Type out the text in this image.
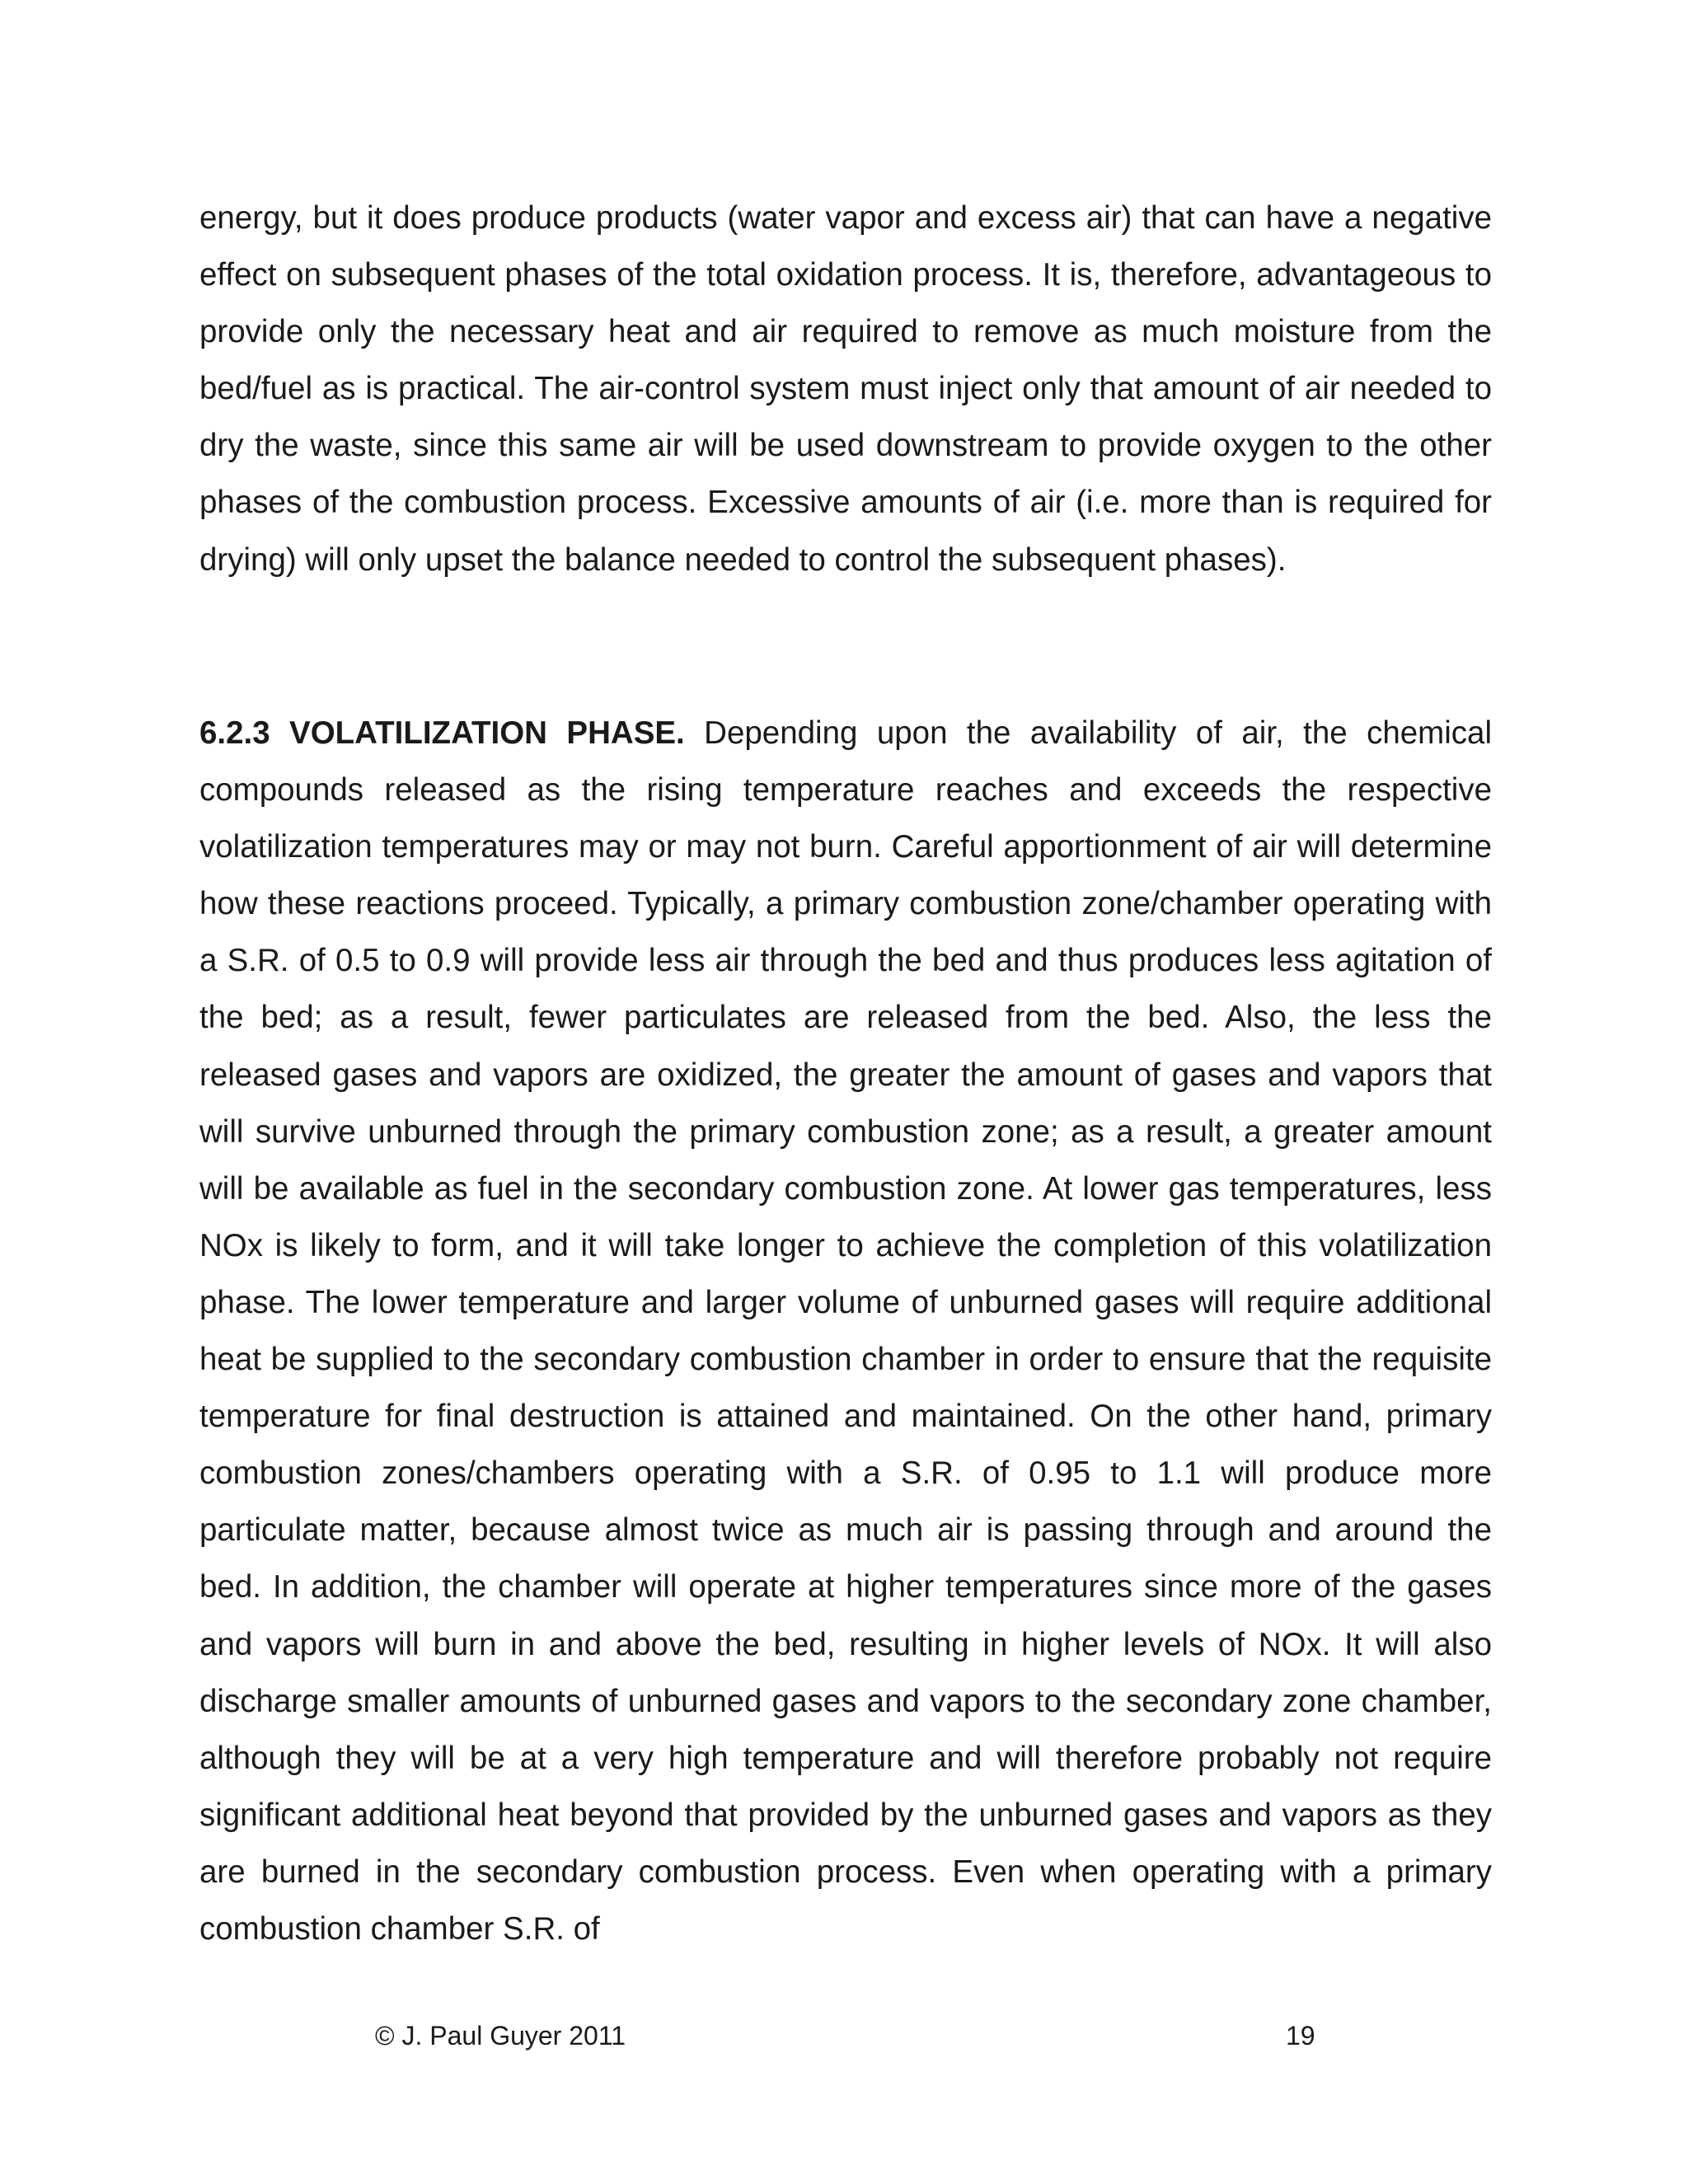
energy, but it does produce products (water vapor and excess air) that can have a negative effect on subsequent phases of the total oxidation process. It is, therefore, advantageous to provide only the necessary heat and air required to remove as much moisture from the bed/fuel as is practical. The air-control system must inject only that amount of air needed to dry the waste, since this same air will be used downstream to provide oxygen to the other phases of the combustion process. Excessive amounts of air (i.e. more than is required for drying) will only upset the balance needed to control the subsequent phases).

6.2.3 VOLATILIZATION PHASE. Depending upon the availability of air, the chemical compounds released as the rising temperature reaches and exceeds the respective volatilization temperatures may or may not burn. Careful apportionment of air will determine how these reactions proceed. Typically, a primary combustion zone/chamber operating with a S.R. of 0.5 to 0.9 will provide less air through the bed and thus produces less agitation of the bed; as a result, fewer particulates are released from the bed. Also, the less the released gases and vapors are oxidized, the greater the amount of gases and vapors that will survive unburned through the primary combustion zone; as a result, a greater amount will be available as fuel in the secondary combustion zone. At lower gas temperatures, less NOx is likely to form, and it will take longer to achieve the completion of this volatilization phase. The lower temperature and larger volume of unburned gases will require additional heat be supplied to the secondary combustion chamber in order to ensure that the requisite temperature for final destruction is attained and maintained. On the other hand, primary combustion zones/chambers operating with a S.R. of 0.95 to 1.1 will produce more particulate matter, because almost twice as much air is passing through and around the bed. In addition, the chamber will operate at higher temperatures since more of the gases and vapors will burn in and above the bed, resulting in higher levels of NOx. It will also discharge smaller amounts of unburned gases and vapors to the secondary zone chamber, although they will be at a very high temperature and will therefore probably not require significant additional heat beyond that provided by the unburned gases and vapors as they are burned in the secondary combustion process. Even when operating with a primary combustion chamber S.R. of

© J. Paul Guyer 2011	19
